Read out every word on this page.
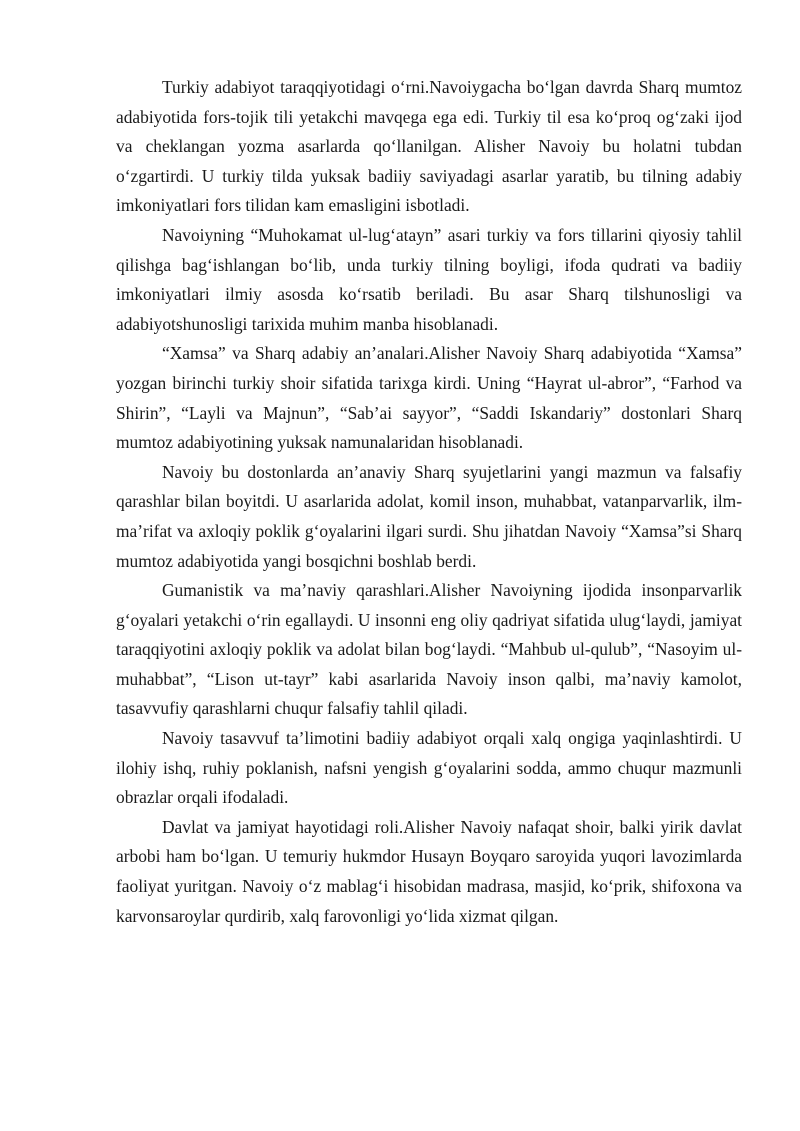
Turkiy adabiyot taraqqiyotidagi o‘rni.Navoiygacha bo‘lgan davrda Sharq mumtoz adabiyotida fors-tojik tili yetakchi mavqega ega edi. Turkiy til esa ko‘proq og‘zaki ijod va cheklangan yozma asarlarda qo‘llanilgan. Alisher Navoiy bu holatni tubdan o‘zgartirdi. U turkiy tilda yuksak badiiy saviyadagi asarlar yaratib, bu tilning adabiy imkoniyatlari fors tilidan kam emasligini isbotladi.

Navoiyning “Muhokamat ul-lug‘atayn” asari turkiy va fors tillarini qiyosiy tahlil qilishga bag‘ishlangan bo‘lib, unda turkiy tilning boyligi, ifoda qudrati va badiiy imkoniyatlari ilmiy asosda ko‘rsatib beriladi. Bu asar Sharq tilshunosligi va adabiyotshunosligi tarixida muhim manba hisoblanadi.

“Xamsa” va Sharq adabiy an’analari.Alisher Navoiy Sharq adabiyotida “Xamsa” yozgan birinchi turkiy shoir sifatida tarixga kirdi. Uning “Hayrat ul-abror”, “Farhod va Shirin”, “Layli va Majnun”, “Sab’ai sayyor”, “Saddi Iskandariy” dostonlari Sharq mumtoz adabiyotining yuksak namunalaridan hisoblanadi.

Navoiy bu dostonlarda an’anaviy Sharq syujetlarini yangi mazmun va falsafiy qarashlar bilan boyitdi. U asarlarida adolat, komil inson, muhabbat, vatanparvarlik, ilm-ma’rifat va axloqiy poklik g‘oyalarini ilgari surdi. Shu jihatdan Navoiy “Xamsa”si Sharq mumtoz adabiyotida yangi bosqichni boshlab berdi.

Gumanistik va ma’naviy qarashlari.Alisher Navoiyning ijodida insonparvarlik g‘oyalari yetakchi o‘rin egallaydi. U insonni eng oliy qadriyat sifatida ulug‘laydi, jamiyat taraqqiyotini axloqiy poklik va adolat bilan bog‘laydi. “Mahbub ul-qulub”, “Nasoyim ul-muhabbat”, “Lison ut-tayr” kabi asarlarida Navoiy inson qalbi, ma’naviy kamolot, tasavvufiy qarashlarni chuqur falsafiy tahlil qiladi.

Navoiy tasavvuf ta’limotini badiiy adabiyot orqali xalq ongiga yaqinlashtirdi. U ilohiy ishq, ruhiy poklanish, nafsni yengish g‘oyalarini sodda, ammo chuqur mazmunli obrazlar orqali ifodaladi.

Davlat va jamiyat hayotidagi roli.Alisher Navoiy nafaqat shoir, balki yirik davlat arbobi ham bo‘lgan. U temuriy hukmdor Husayn Boyqaro saroyida yuqori lavozimlarda faoliyat yuritgan. Navoiy o‘z mablag‘i hisobidan madrasa, masjid, ko‘prik, shifoxona va karvonsaroylar qurdirib, xalq farovonligi yo‘lida xizmat qilgan.
